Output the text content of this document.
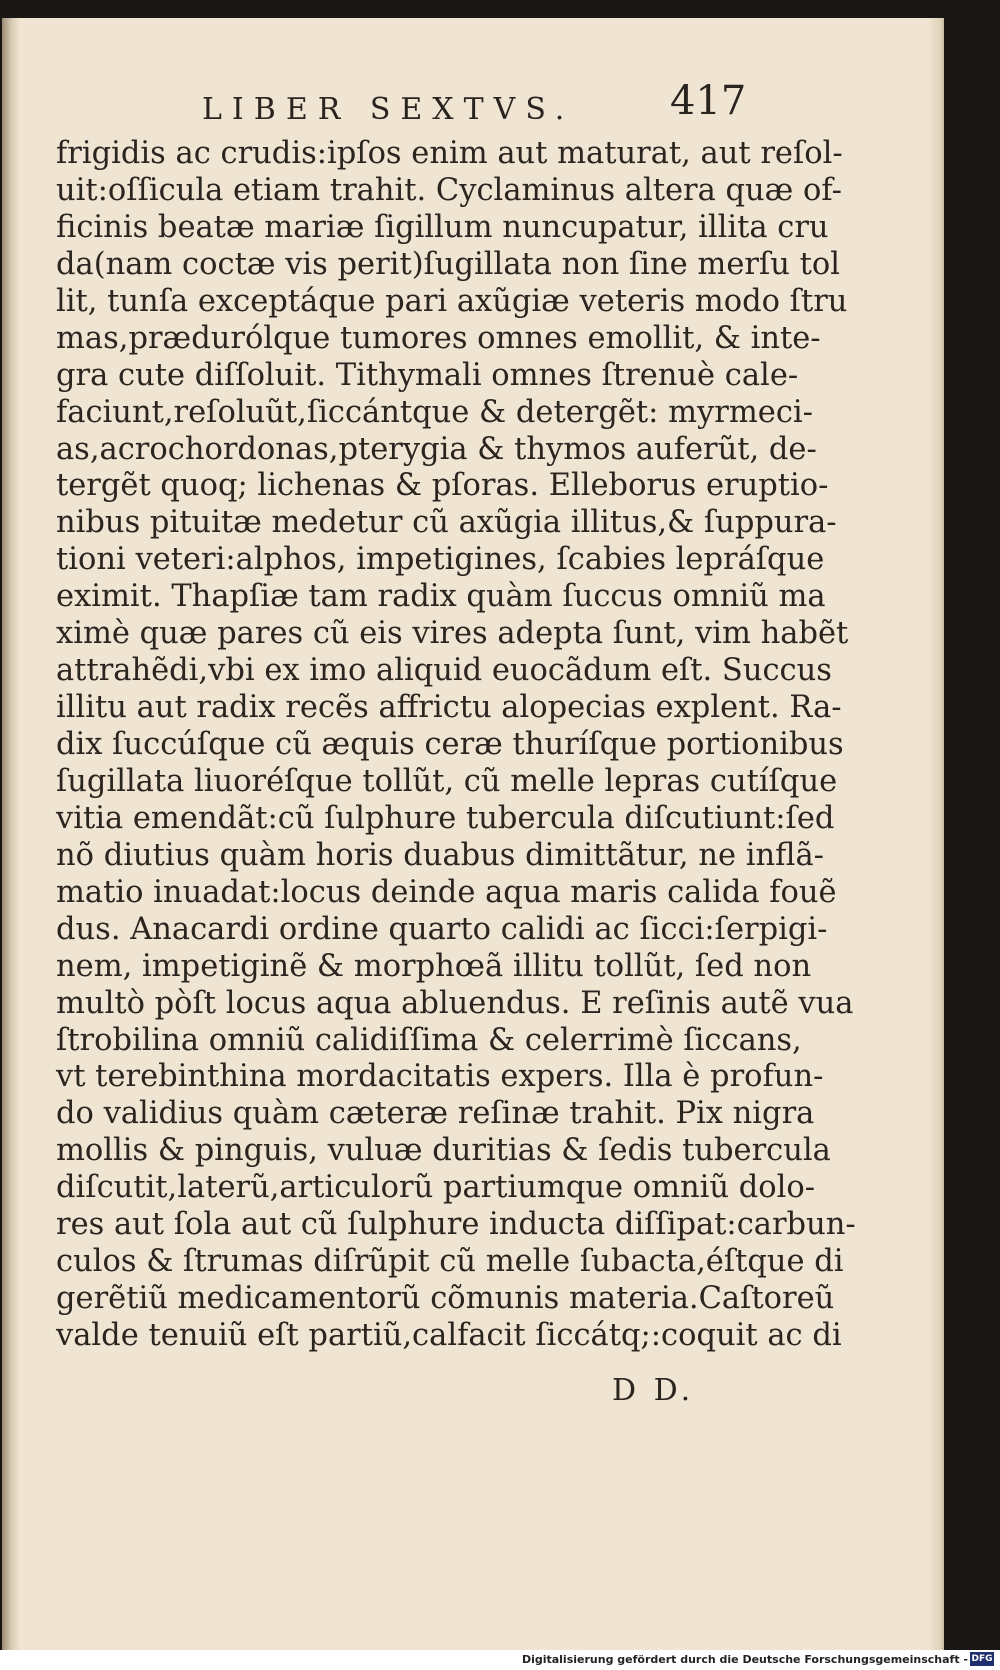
LIBER SEXTVS. 417
frigidis ac crudis:ipſos enim aut maturat, aut reſol-
uit:oſſicula etiam trahit. Cyclaminus altera quæ of-
ficinis beatæ mariæ ſigillum nuncupatur, illita cru
da(nam coctæ vis perit)ſugillata non ſine merſu tol
lit, tunſa exceptáque pari axũgiæ veteris modo ſtru
mas,prædurólque tumores omnes emollit, & inte-
gra cute diſſoluit. Tithymali omnes ſtrenuè cale-
faciunt,reſoluũt,ſiccántque & detergẽt: myrmeci-
as,acrochordonas,pterygia & thymos auferũt, de-
tergẽt quoq; lichenas & pſoras. Elleborus eruptio-
nibus pituitæ medetur cũ axũgia illitus,& ſuppura-
tioni veteri:alphos, impetigines, ſcabies lepráſque
eximit. Thapſiæ tam radix quàm ſuccus omniũ ma
ximè quæ pares cũ eis vires adepta ſunt, vim habẽt
attrahẽdi,vbi ex imo aliquid euocãdum eſt. Succus
illitu aut radix recẽs affrictu alopecias explent. Ra-
dix ſuccúſque cũ æquis ceræ thuríſque portionibus
ſugillata liuoréſque tollũt, cũ melle lepras cutíſque
vitia emendãt:cũ ſulphure tubercula diſcutiunt:ſed
nõ diutius quàm horis duabus dimittãtur, ne inflã-
matio inuadat:locus deinde aqua maris calida fouẽ
dus. Anacardi ordine quarto calidi ac ſicci:ſerpigi-
nem, impetiginẽ & morphœã illitu tollũt, ſed non
multò pòſt locus aqua abluendus. E reſinis autẽ vua
ſtrobilina omniũ calidiſſima & celerrimè ſiccans,
vt terebinthina mordacitatis expers. Illa è profun-
do validius quàm cæteræ reſinæ trahit. Pix nigra
mollis & pinguis, vuluæ duritias & ſedis tubercula
diſcutit,laterũ,articulorũ partiumque omniũ dolo-
res aut ſola aut cũ ſulphure inducta diſſipat:carbun-
culos & ſtrumas diſrũpit cũ melle ſubacta,éſtque di
gerẽtiũ medicamentorũ cõmunis materia.Caſtoreũ
valde tenuiũ eſt partiũ,calfacit ſiccátq;:coquit ac di
D D.
Digitalisierung gefördert durch die Deutsche Forschungsgemeinschaft - DFG
